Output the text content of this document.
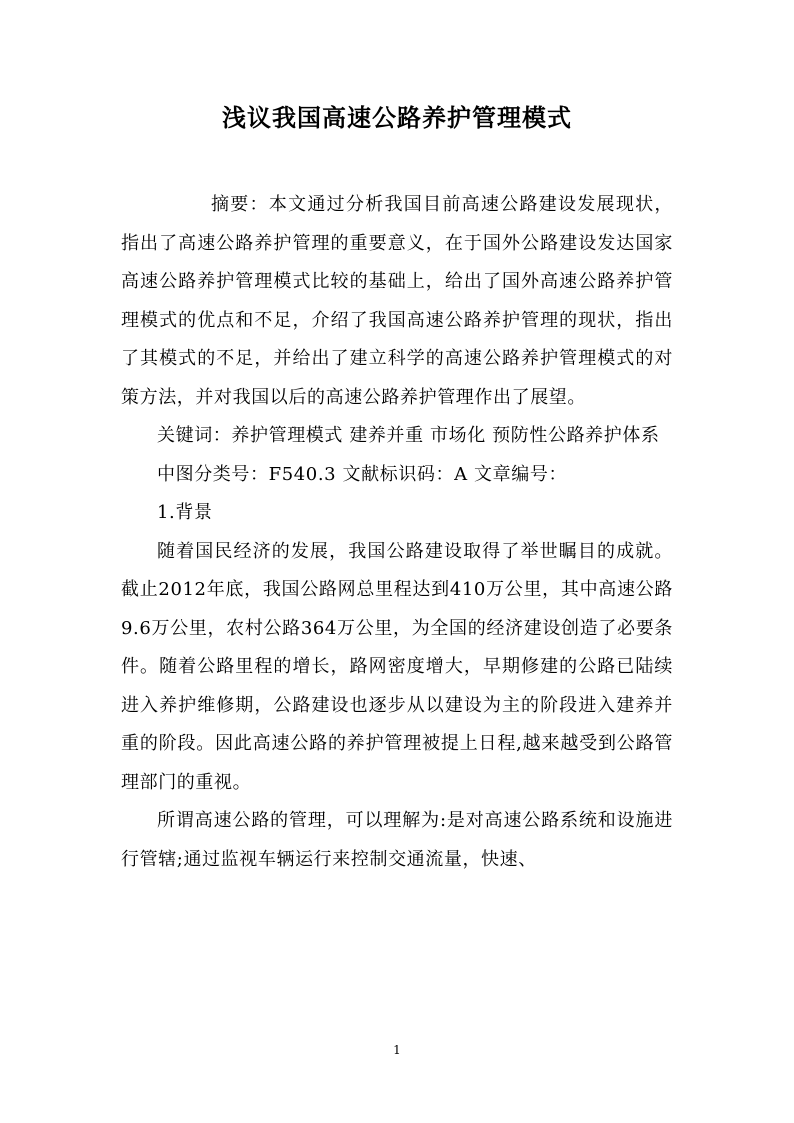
浅议我国高速公路养护管理模式

摘要：本文通过分析我国目前高速公路建设发展现状，指出了高速公路养护管理的重要意义，在于国外公路建设发达国家高速公路养护管理模式比较的基础上，给出了国外高速公路养护管理模式的优点和不足，介绍了我国高速公路养护管理的现状，指出了其模式的不足，并给出了建立科学的高速公路养护管理模式的对策方法，并对我国以后的高速公路养护管理作出了展望。

关键词：养护管理模式 建养并重 市场化 预防性公路养护体系

中图分类号：F540.3 文献标识码：A 文章编号：

1.背景

随着国民经济的发展，我国公路建设取得了举世瞩目的成就。截止2012年底，我国公路网总里程达到410万公里，其中高速公路9.6万公里，农村公路364万公里，为全国的经济建设创造了必要条件。随着公路里程的增长，路网密度增大，早期修建的公路已陆续进入养护维修期，公路建设也逐步从以建设为主的阶段进入建养并重的阶段。因此高速公路的养护管理被提上日程,越来越受到公路管理部门的重视。

所谓高速公路的管理，可以理解为:是对高速公路系统和设施进行管辖;通过监视车辆运行来控制交通流量，快速、

1
